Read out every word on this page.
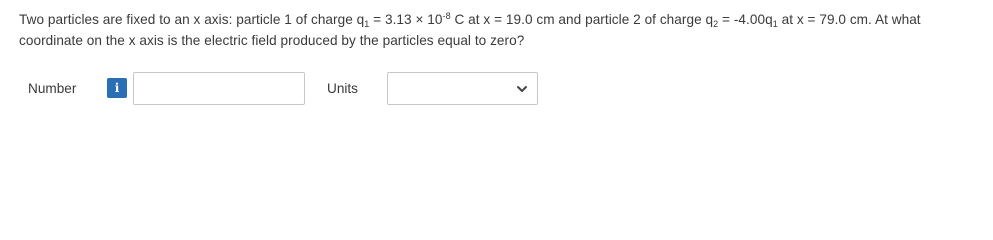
Two particles are fixed to an x axis: particle 1 of charge $q_1 = 3.13 \times 10^{-8}$ C at x = 19.0 cm and particle 2 of charge $q_2 = -4.00q_1$ at x = 79.0 cm. At what coordinate on the x axis is the electric field produced by the particles equal to zero?
Number	i	Units
